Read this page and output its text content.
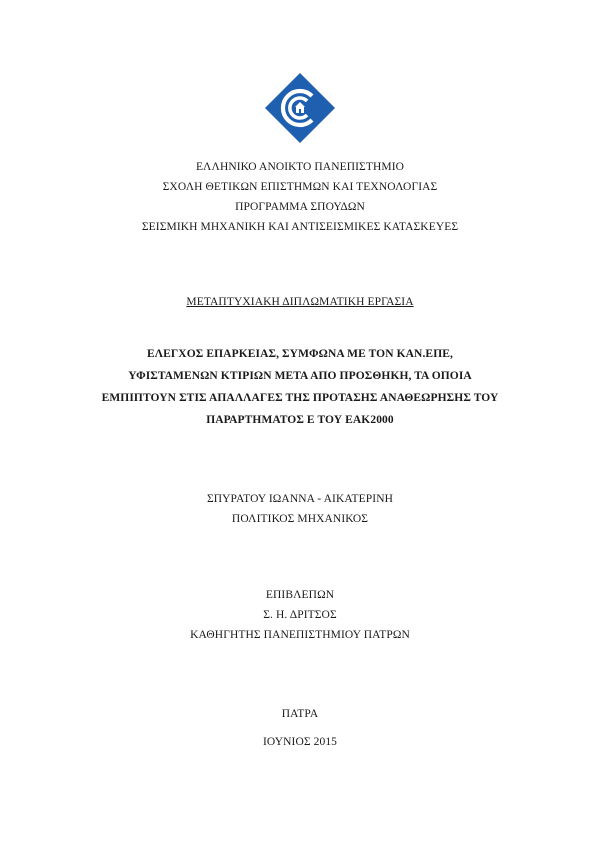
ΕΛΛΗΝΙΚΟ ΑΝΟΙΚΤΟ ΠΑΝΕΠΙΣΤΗΜΙΟ
ΣΧΟΛΗ ΘΕΤΙΚΩΝ ΕΠΙΣΤΗΜΩΝ ΚΑΙ ΤΕΧΝΟΛΟΓΙΑΣ
ΠΡΟΓΡΑΜΜΑ ΣΠΟΥΔΩΝ
ΣΕΙΣΜΙΚΗ ΜΗΧΑΝΙΚΗ ΚΑΙ ΑΝΤΙΣΕΙΣΜΙΚΕΣ ΚΑΤΑΣΚΕΥΕΣ
ΜΕΤΑΠΤΥΧΙΑΚΗ ΔΙΠΛΩΜΑΤΙΚΗ ΕΡΓΑΣΙΑ
ΕΛΕΓΧΟΣ ΕΠΑΡΚΕΙΑΣ, ΣΥΜΦΩΝΑ ΜΕ ΤΟΝ ΚΑΝ.ΕΠΕ,
ΥΦΙΣΤΑΜΕΝΩΝ ΚΤΙΡΙΩΝ ΜΕΤΑ ΑΠΟ ΠΡΟΣΘΗΚΗ, ΤΑ ΟΠΟΙΑ
ΕΜΠΙΠΤΟΥΝ ΣΤΙΣ ΑΠΑΛΛΑΓΕΣ ΤΗΣ ΠΡΟΤΑΣΗΣ ΑΝΑΘΕΩΡΗΣΗΣ ΤΟΥ
ΠΑΡΑΡΤΗΜΑΤΟΣ Ε ΤΟΥ ΕΑΚ2000
ΣΠΥΡΑΤΟΥ ΙΩΑΝΝΑ - ΑΙΚΑΤΕΡΙΝΗ
ΠΟΛΙΤΙΚΟΣ ΜΗΧΑΝΙΚΟΣ
ΕΠΙΒΛΕΠΩΝ
Σ. Η. ΔΡΙΤΣΟΣ
ΚΑΘΗΓΗΤΗΣ ΠΑΝΕΠΙΣΤΗΜΙΟΥ ΠΑΤΡΩΝ
ΠΑΤΡΑ
ΙΟΥΝΙΟΣ 2015
